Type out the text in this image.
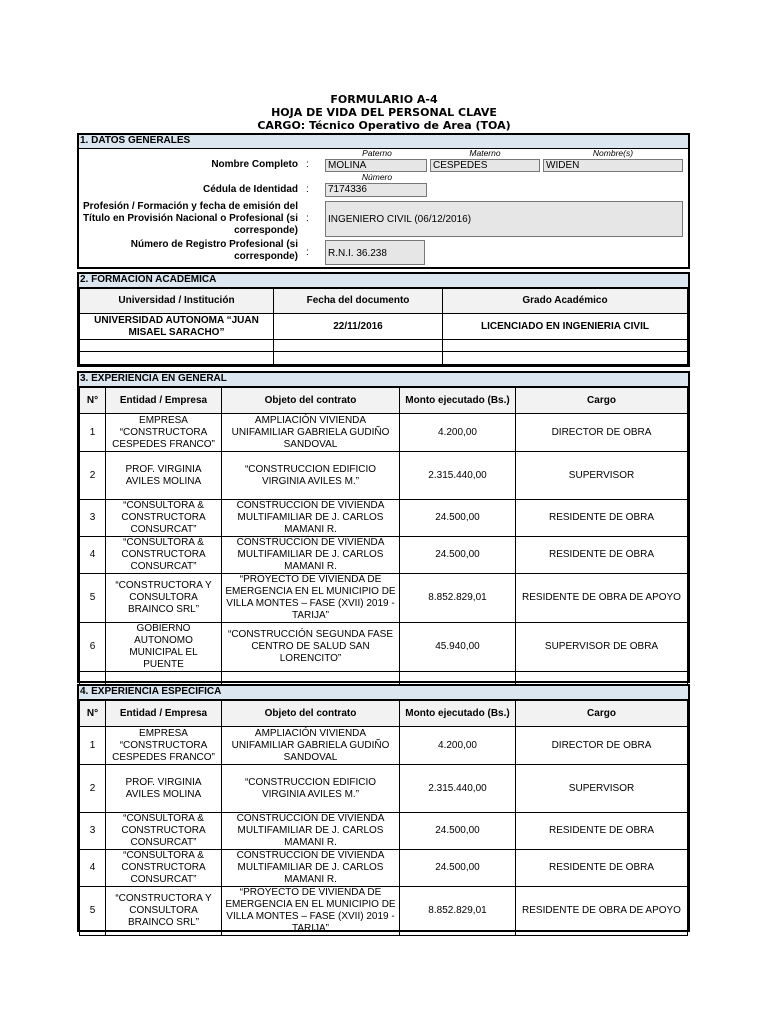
FORMULARIO A-4
HOJA DE VIDA DEL PERSONAL CLAVE
CARGO: Técnico Operativo de Area (TOA)
1. DATOS GENERALES
Paterno	Materno	Nombre(s)
Nombre Completo :	MOLINA	CESPEDES	WIDEN
Número
Cédula de Identidad :	7174336
Profesión / Formación y fecha de emisión del Título en Provisión Nacional o Profesional (si corresponde)
:	INGENIERO CIVIL (06/12/2016)
Número de Registro Profesional (si corresponde) :	R.N.I. 36.238
2. FORMACION ACADÉMICA
Universidad / Institución	Fecha del documento	Grado Académico
UNIVERSIDAD AUTONOMA “JUAN MISAEL SARACHO”	22/11/2016	LICENCIADO EN INGENIERIA CIVIL

3. EXPERIENCIA EN GENERAL
N°	Entidad / Empresa	Objeto del contrato	Monto ejecutado (Bs.)	Cargo
1	EMPRESA “CONSTRUCTORA CESPEDES FRANCO”	AMPLIACIÓN VIVIENDA UNIFAMILIAR GABRIELA GUDIÑO SANDOVAL	4.200,00	DIRECTOR DE OBRA
2	PROF. VIRGINIA AVILES MOLINA	“CONSTRUCCION EDIFICIO VIRGINIA AVILES M.”	2.315.440,00	SUPERVISOR
3	“CONSULTORA & CONSTRUCTORA CONSURCAT”	CONSTRUCCIÓN DE VIVIENDA MULTIFAMILIAR DE J. CARLOS MAMANI R.	24.500,00	RESIDENTE DE OBRA
4	“CONSULTORA & CONSTRUCTORA CONSURCAT”	CONSTRUCCIÓN DE VIVIENDA MULTIFAMILIAR DE J. CARLOS MAMANI R.	24.500,00	RESIDENTE DE OBRA
5	“CONSTRUCTORA Y CONSULTORA BRAINCO SRL”	“PROYECTO DE VIVIENDA DE EMERGENCIA EN EL MUNICIPIO DE VILLA MONTES – FASE (XVII) 2019 - TARIJA”	8.852.829,01	RESIDENTE DE OBRA DE APOYO
6	GOBIERNO AUTONOMO MUNICIPAL EL PUENTE	“CONSTRUCCIÓN SEGUNDA FASE CENTRO DE SALUD SAN LORENCITO”	45.940,00	SUPERVISOR DE OBRA

4. EXPERIENCIA ESPECÍFICA
N°	Entidad / Empresa	Objeto del contrato	Monto ejecutado (Bs.)	Cargo
1	EMPRESA “CONSTRUCTORA CESPEDES FRANCO”	AMPLIACIÓN VIVIENDA UNIFAMILIAR GABRIELA GUDIÑO SANDOVAL	4.200,00	DIRECTOR DE OBRA
2	PROF. VIRGINIA AVILES MOLINA	“CONSTRUCCION EDIFICIO VIRGINIA AVILES M.”	2.315.440,00	SUPERVISOR
3	“CONSULTORA & CONSTRUCTORA CONSURCAT”	CONSTRUCCIÓN DE VIVIENDA MULTIFAMILIAR DE J. CARLOS MAMANI R.	24.500,00	RESIDENTE DE OBRA
4	“CONSULTORA & CONSTRUCTORA CONSURCAT”	CONSTRUCCIÓN DE VIVIENDA MULTIFAMILIAR DE J. CARLOS MAMANI R.	24.500,00	RESIDENTE DE OBRA
5	“CONSTRUCTORA Y CONSULTORA BRAINCO SRL”	“PROYECTO DE VIVIENDA DE EMERGENCIA EN EL MUNICIPIO DE VILLA MONTES – FASE (XVII) 2019 - TARIJA”	8.852.829,01	RESIDENTE DE OBRA DE APOYO
